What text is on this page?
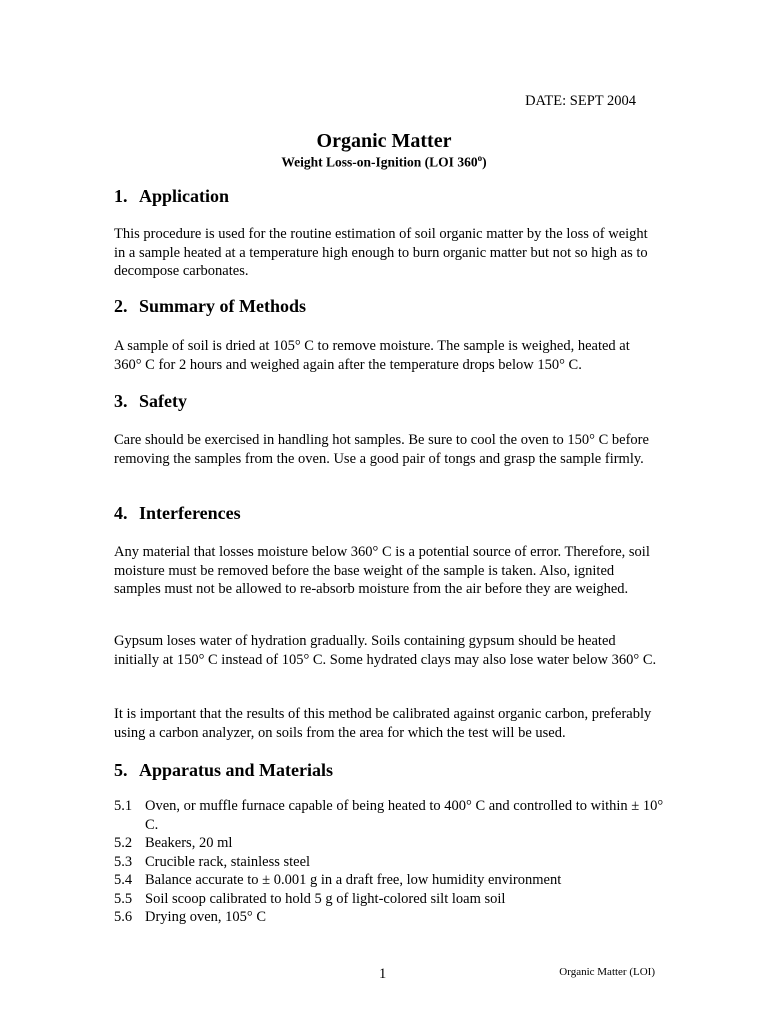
DATE: SEPT 2004
Organic Matter
Weight Loss-on-Ignition (LOI 360$^o$)
1. Application
This procedure is used for the routine estimation of soil organic matter by the loss of weight in a sample heated at a temperature high enough to burn organic matter but not so high as to decompose carbonates.
2. Summary of Methods
A sample of soil is dried at 105° C to remove moisture. The sample is weighed, heated at 360° C for 2 hours and weighed again after the temperature drops below 150° C.
3. Safety
Care should be exercised in handling hot samples. Be sure to cool the oven to 150° C before removing the samples from the oven. Use a good pair of tongs and grasp the sample firmly.
4. Interferences
Any material that losses moisture below 360° C is a potential source of error. Therefore, soil moisture must be removed before the base weight of the sample is taken. Also, ignited samples must not be allowed to re-absorb moisture from the air before they are weighed.
Gypsum loses water of hydration gradually. Soils containing gypsum should be heated initially at 150° C instead of 105° C. Some hydrated clays may also lose water below 360° C.
It is important that the results of this method be calibrated against organic carbon, preferably using a carbon analyzer, on soils from the area for which the test will be used.
5. Apparatus and Materials
5.1 Oven, or muffle furnace capable of being heated to 400° C and controlled to within ± 10° C.
5.2 Beakers, 20 ml
5.3 Crucible rack, stainless steel
5.4 Balance accurate to ± 0.001 g in a draft free, low humidity environment
5.5 Soil scoop calibrated to hold 5 g of light-colored silt loam soil
5.6 Drying oven, 105° C
1	Organic Matter (LOI)
